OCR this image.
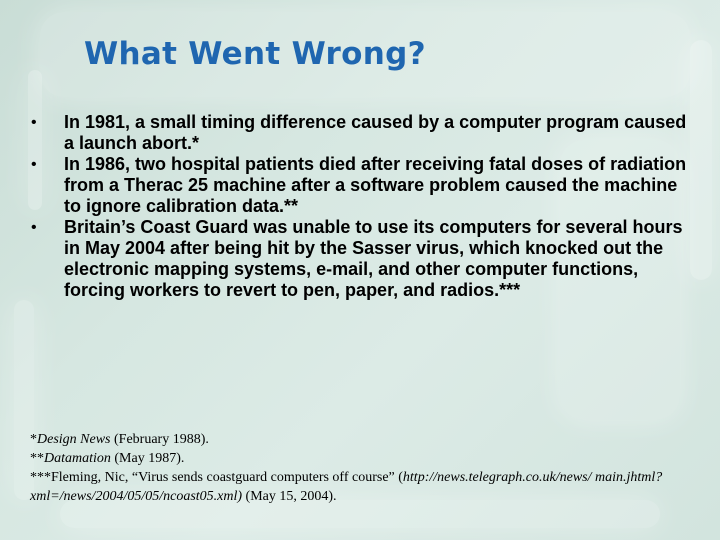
What Went Wrong?
• In 1981, a small timing difference caused by a computer program caused a launch abort.*
• In 1986, two hospital patients died after receiving fatal doses of radiation from a Therac 25 machine after a software problem caused the machine to ignore calibration data.**
• Britain’s Coast Guard was unable to use its computers for several hours in May 2004 after being hit by the Sasser virus, which knocked out the electronic mapping systems, e-mail, and other computer functions, forcing workers to revert to pen, paper, and radios.***

*Design News (February 1988).

**Datamation (May 1987).

***Fleming, Nic, “Virus sends coastguard computers off course” (http://news.telegraph.co.uk/news/ main.jhtml?xml=/news/2004/05/05/ncoast05.xml) (May 15, 2004).
